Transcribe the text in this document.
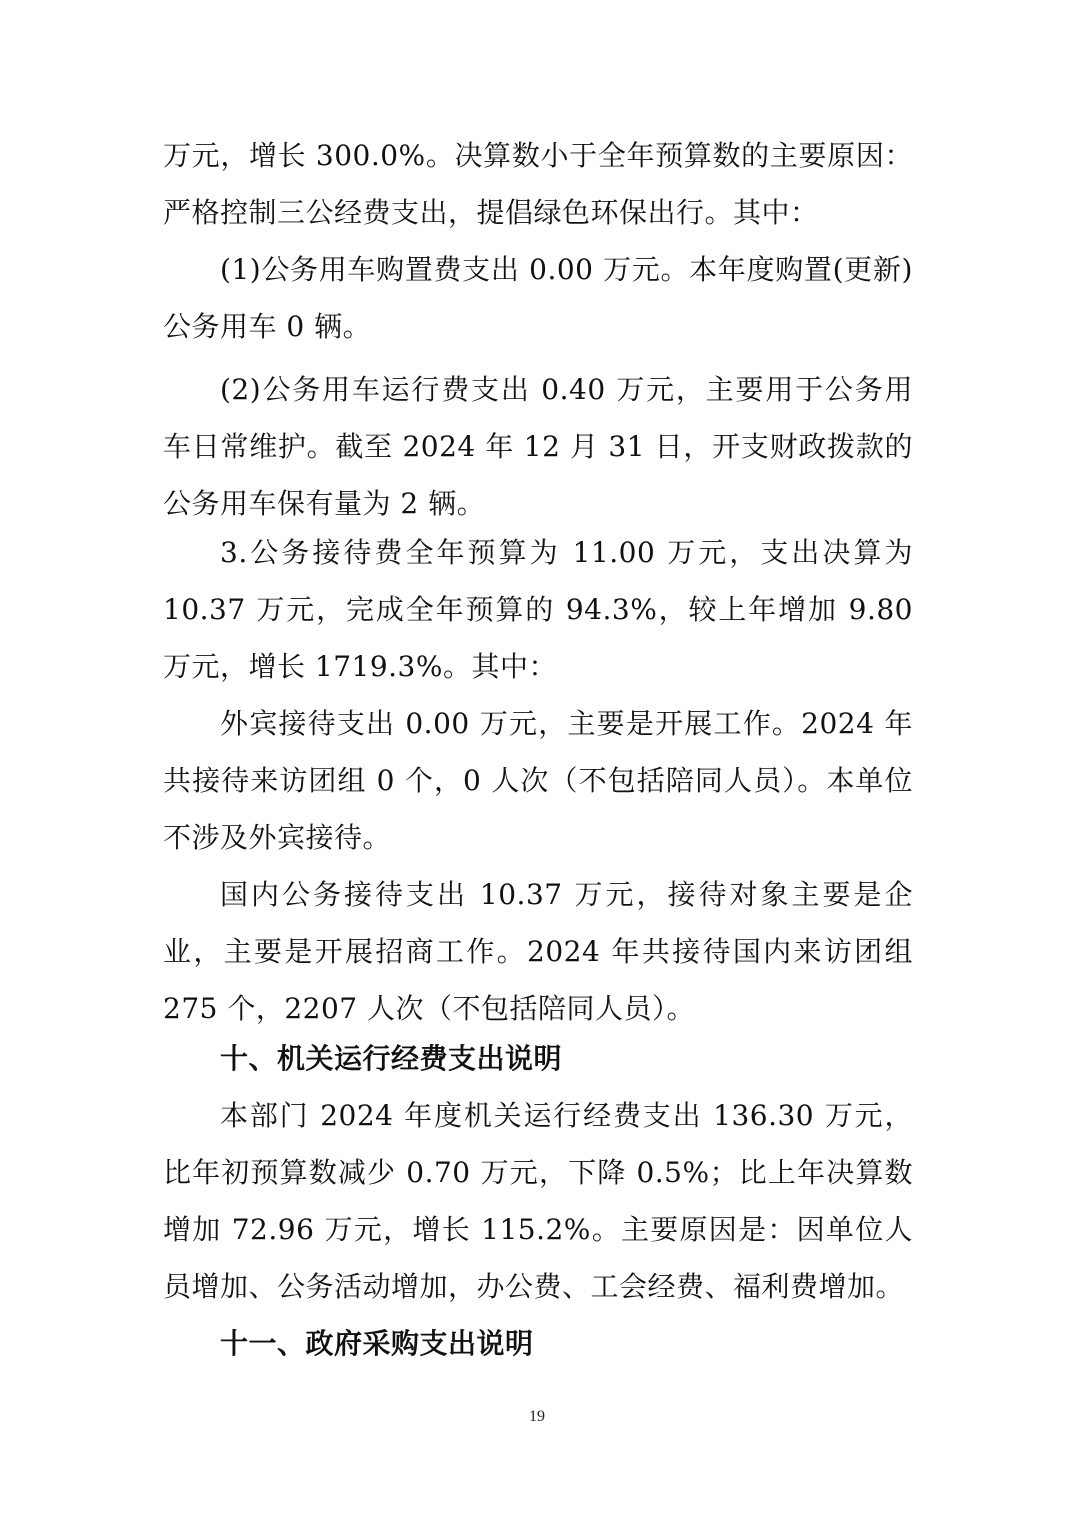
万元，增长 300.0%。决算数小于全年预算数的主要原因：严格控制三公经费支出，提倡绿色环保出行。其中：

(1)公务用车购置费支出 0.00 万元。本年度购置(更新)公务用车 0 辆。

(2)公务用车运行费支出 0.40 万元，主要用于公务用车日常维护。截至 2024 年 12 月 31 日，开支财政拨款的公务用车保有量为 2 辆。

3.公务接待费全年预算为 11.00 万元，支出决算为 10.37 万元，完成全年预算的 94.3%，较上年增加 9.80 万元，增长 1719.3%。其中：

外宾接待支出 0.00 万元，主要是开展工作。2024 年共接待来访团组 0 个，0 人次（不包括陪同人员）。本单位不涉及外宾接待。

国内公务接待支出 10.37 万元，接待对象主要是企业，主要是开展招商工作。2024 年共接待国内来访团组 275 个，2207 人次（不包括陪同人员）。

十、机关运行经费支出说明

本部门 2024 年度机关运行经费支出 136.30 万元，比年初预算数减少 0.70 万元，下降 0.5%；比上年决算数增加 72.96 万元，增长 115.2%。主要原因是：因单位人员增加、公务活动增加，办公费、工会经费、福利费增加。

十一、政府采购支出说明

19
